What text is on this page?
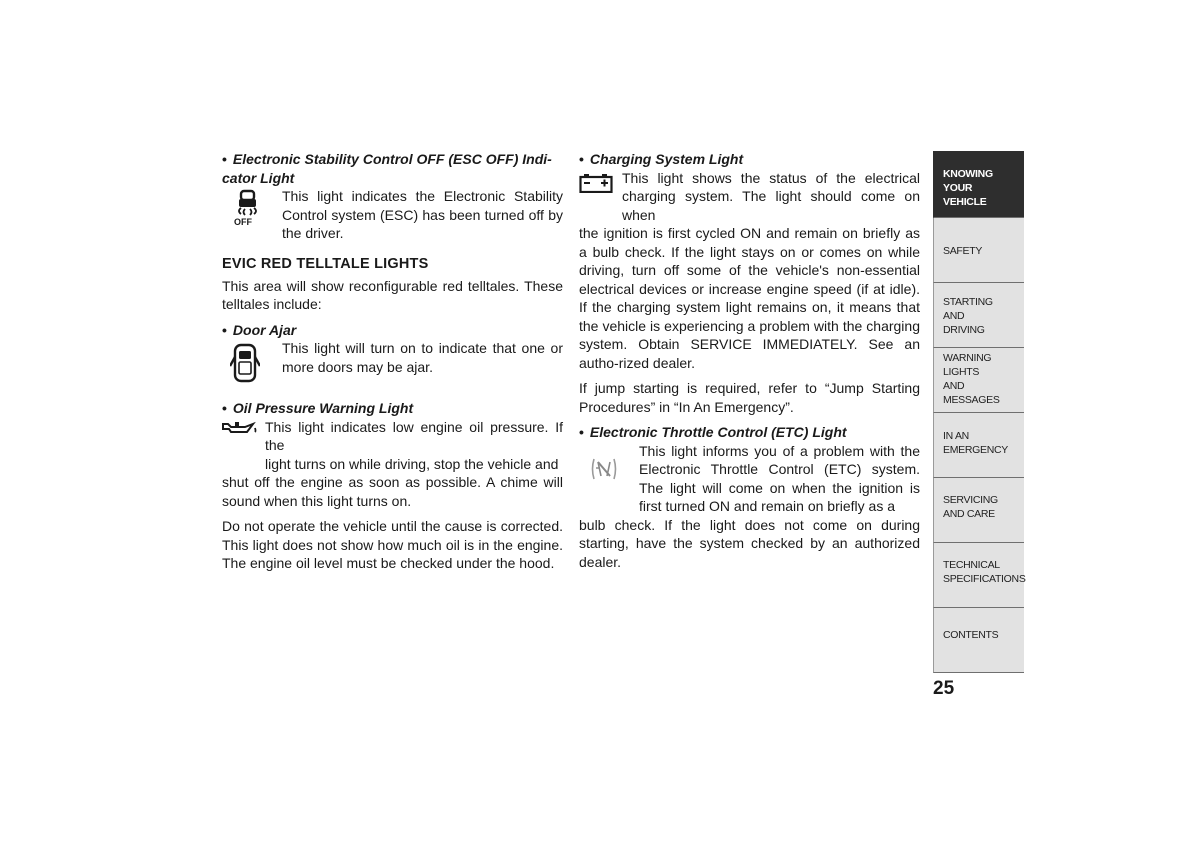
• Electronic Stability Control OFF (ESC OFF) Indi-
cator Light
OFF

This light indicates the Electronic Stability Control system (ESC) has been turned off by the driver.

EVIC RED TELLTALE LIGHTS

This area will show reconfigurable red telltales. These telltales include:

• Door Ajar

This light will turn on to indicate that one or more doors may be ajar.

• Oil Pressure Warning Light

This light indicates low engine oil pressure. If the

light turns on while driving, stop the vehicle and

shut off the engine as soon as possible. A chime will sound when this light turns on.

Do not operate the vehicle until the cause is corrected. This light does not show how much oil is in the engine. The engine oil level must be checked under the hood.

• Charging System Light

This light shows the status of the electrical charging system. The light should come on when

the ignition is first cycled ON and remain on briefly as a bulb check. If the light stays on or comes on while driving, turn off some of the vehicle's non-essential electrical devices or increase engine speed (if at idle). If the charging system light remains on, it means that the vehicle is experiencing a problem with the charging system. Obtain SERVICE IMMEDIATELY. See an autho-rized dealer.

If jump starting is required, refer to “Jump Starting Procedures” in “In An Emergency”.

• Electronic Throttle Control (ETC) Light

This light informs you of a problem with the Electronic Throttle Control (ETC) system. The light will come on when the ignition is first turned ON and remain on briefly as a

bulb check. If the light does not come on during starting, have the system checked by an authorized dealer.

KNOWING
YOUR
VEHICLE
SAFETY
STARTING
AND
DRIVING
WARNING
LIGHTS
AND
MESSAGES
IN AN
EMERGENCY
SERVICING
AND CARE
TECHNICAL
SPECIFICATIONS
CONTENTS
25
